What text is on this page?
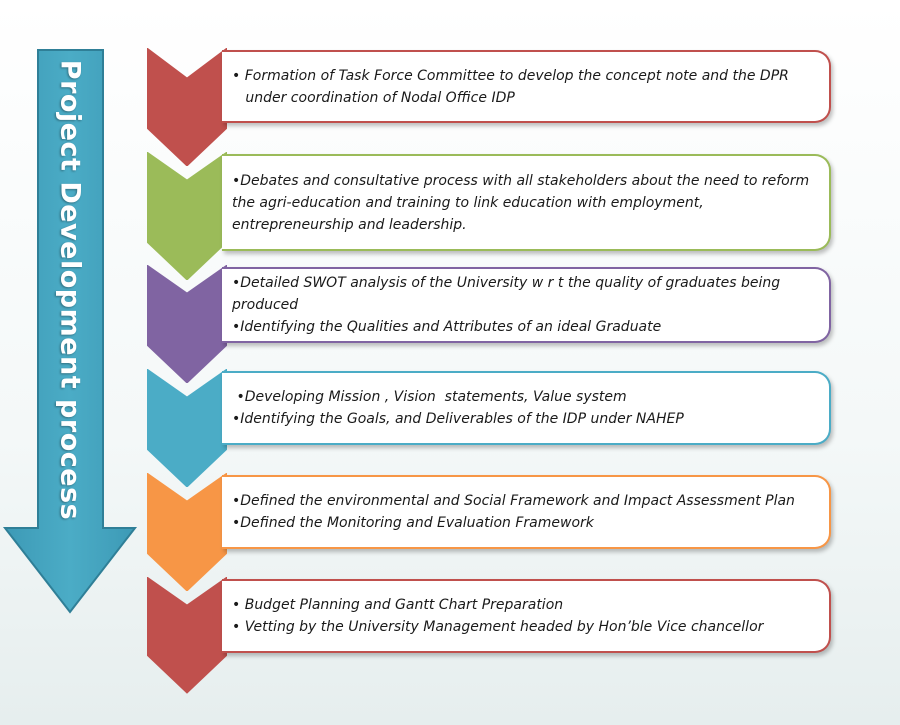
Project Development process	• Formation of Task Force Committee to develop the concept note and the DPR
under coordination of Nodal Office IDP
•Debates and consultative process with all stakeholders about the need to reform the agri-education and training to link education with employment, entrepreneurship and leadership.
•Detailed SWOT analysis of the University w r t the quality of graduates being produced
•Identifying the Qualities and Attributes of an ideal Graduate
•Developing Mission , Vision  statements, Value system
•Identifying the Goals, and Deliverables of the IDP under NAHEP
•Defined the environmental and Social Framework and Impact Assessment Plan
•Defined the Monitoring and Evaluation Framework
• Budget Planning and Gantt Chart Preparation
• Vetting by the University Management headed by Hon’ble Vice chancellor
